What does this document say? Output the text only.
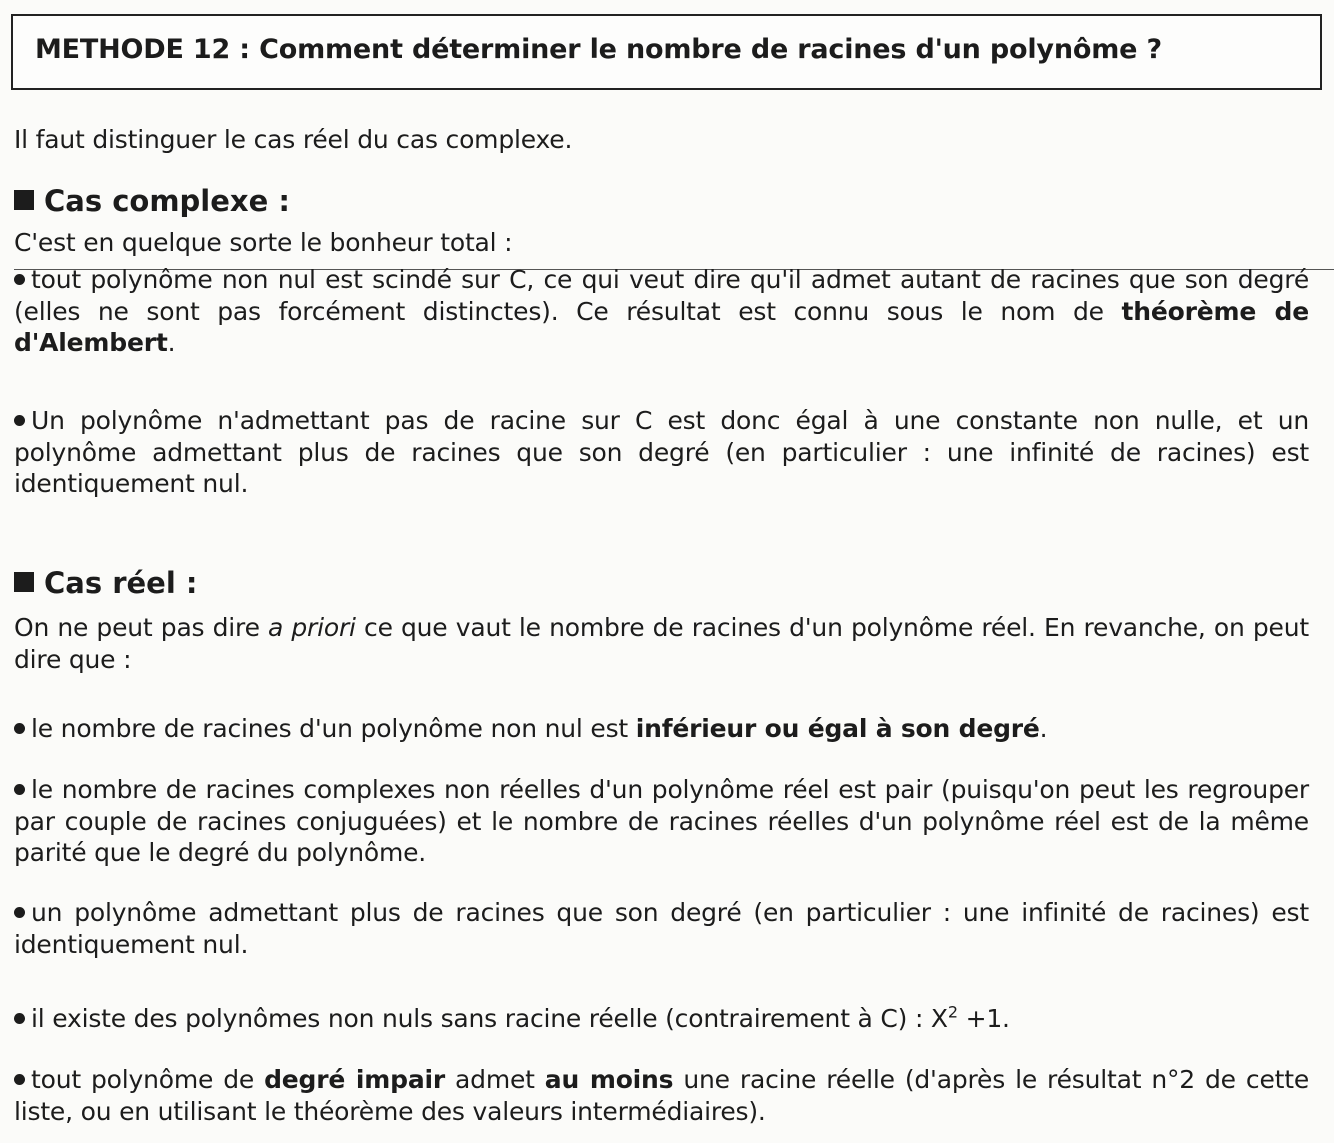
METHODE 12 : Comment déterminer le nombre de racines d'un polynôme ?
Il faut distinguer le cas réel du cas complexe.
Cas complexe :
C'est en quelque sorte le bonheur total :
tout polynôme non nul est scindé sur C, ce qui veut dire qu'il admet autant de racines que son degré (elles ne sont pas forcément distinctes). Ce résultat est connu sous le nom de théorème de d'Alembert.
Un polynôme n'admettant pas de racine sur C est donc égal à une constante non nulle, et un polynôme admettant plus de racines que son degré (en particulier : une infinité de racines) est identiquement nul.
Cas réel :
On ne peut pas dire a priori ce que vaut le nombre de racines d'un polynôme réel. En revanche, on peut dire que :
le nombre de racines d'un polynôme non nul est inférieur ou égal à son degré.
le nombre de racines complexes non réelles d'un polynôme réel est pair (puisqu'on peut les regrouper par couple de racines conjuguées) et le nombre de racines réelles d'un polynôme réel est de la même parité que le degré du polynôme.
un polynôme admettant plus de racines que son degré (en particulier : une infinité de racines) est identiquement nul.
il existe des polynômes non nuls sans racine réelle (contrairement à C) : $X^2 +1$.
tout polynôme de degré impair admet au moins une racine réelle (d'après le résultat n°2 de cette liste, ou en utilisant le théorème des valeurs intermédiaires).
